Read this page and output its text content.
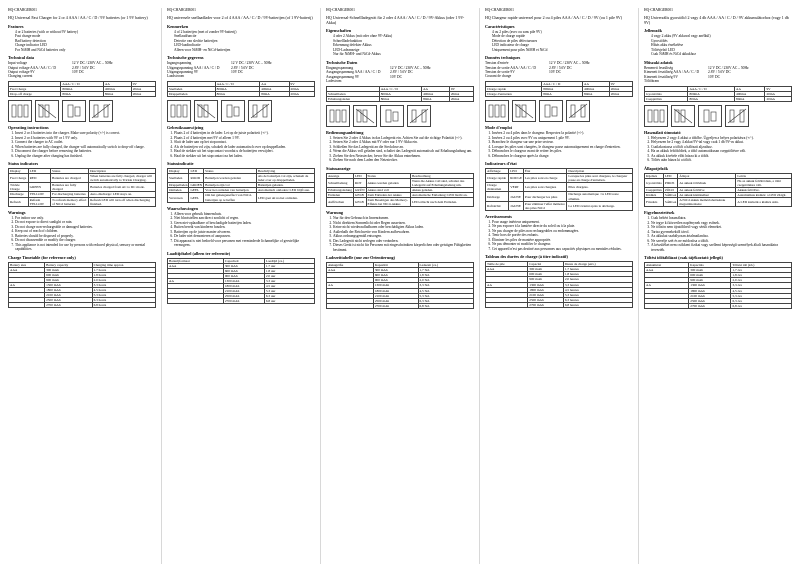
HQ-CHARGER001
HQ Universal Fast Charger for 2 or 4 AAA / AA / C / D / 9V batteries (or 1 9V battery)
Features
• 4 or 2 batteries (with or without 9V battery)
• Fast charge mode
• Bad battery detection
• Charge indicator LED
• For NiMH and NiCd batteries only
Technical data
Input voltage	12 V DC / 230V AC – 50Hz
Output voltage AAA / AA / C / D	2.8V / 5.6V DC
Output voltage 9V	10V DC
Charging current
	AAA / C / D	AA	9V
Fast Charge	800mA	400mA	20mA
Drop-off charge	80mA	80mA	20mA
Operating instructions
1. Insert 2 or 4 batteries into the charger. Make sure polarity (+/-) is correct.
2. Insert 2 or 4 batteries with 9V or 1 9V only.
3. Connect the charger to AC outlet.
4. When batteries are fully charged, the charger will automatically switch to drop-off charge.
5. Disconnect the charger before removing the batteries.
6. Unplug the charger after charging has finished.
Status indicators
Display	LED	Status	Description
Fast Charge	RED	Batteries are charged	When batteries are fully charged, charger will switch automatically to Trickle Charging.
Trickle Charge	GREEN	Batteries are fully charged	Batteries charged from AC to DC mode.
Discharge	YELLOW	For discharging batteries	Auto-discharge: LED stays on.
Refresh	Refresh YELLOW	To refresh memory effect of NiCd batteries	Refresh LED will turn off when discharging finished.
Warnings
1. For indoor use only.
2. Do not expose to direct sunlight or rain.
3. Do not charge non-rechargeable or damaged batteries.
4. Keep out of reach of children.
5. Batteries should be disposed of properly.
6. Do not disassemble or modify the charger.
7. This appliance is not intended for use by persons with reduced physical, sensory or mental capabilities.
Charge Timetable (for reference only)
Battery size	Battery capacity	Charging time approx.
AAA	300 mAh	1.7 hours
	600 mAh	1.8 hours
	900 mAh	2.0 hours
AA	1300 mAh	3.3 hours
	1800 mAh	4.5 hours
	2100 mAh	5.3 hours
	2500 mAh	6.3 hours
	2700 mAh	6.8 hours
HQ-CHARGER001
HQ universele snellaadlader voor 2 of 4 AAA / AA / C / D / 9V-batterijen (of 1 9V-batterij)
Kenmerken
• 4 of 2 batterijen (met of zonder 9V-batterij)
• Snellaadfunctie
• Detectie van slechte batterijen
• LED-laadindicatie
• Alleen voor NiMH- en NiCd-batterijen
Technische gegevens
Ingangsspanning	12 V DC / 230V AC – 50Hz
Uitgangsspanning AAA / AA / C / D	2.8V / 5.6V DC
Uitgangsspanning 9V	10V DC
Laadstroom
	AAA / C / D	AA	9V
Snelladen	800mA	400mA	20mA
Druppelladen	80mA	80mA	20mA
Gebruiksaanwijzing
1. Plaats 2 of 4 batterijen in de lader. Let op de juiste polariteit (+/-).
2. Plaats 2 of 4 batterijen met 9V of alleen 1 9V.
3. Sluit de lader aan op het stopcontact.
4. Als de batterijen vol zijn, schakelt de lader automatisch over op druppelladen.
5. Haal de stekker uit het stopcontact voordat u de batterijen verwijdert.
6. Haal de stekker uit het stopcontact na het laden.
Statusindicatie
Display	LED	Status	Beschrijving
Snelladen	ROOD	Batterijen worden geladen	Als de batterijen vol zijn, schakelt de lader over op druppelladen.
Druppelladen	GROEN	Batterijen zijn vol	Batterijen geladen.
Ontladen	GEEL	Voor het ontladen van batterijen	Automatisch ontladen: LED blijft aan.
Verversen	GEEL	Om het geheugeneffect van NiCd-batterijen op te heffen	LED gaat uit na het ontladen.
Waarschuwingen
1. Alleen voor gebruik binnenshuis.
2. Niet blootstellen aan direct zonlicht of regen.
3. Geen niet-oplaadbare of beschadigde batterijen laden.
4. Buiten bereik van kinderen houden.
5. Batterijen op de juiste manier afvoeren.
6. De lader niet demonteren of aanpassen.
7. Dit apparaat is niet bedoeld voor personen met verminderde lichamelijke of geestelijke vermogens.
Laadtijdtabel (alleen ter referentie)
Batterijformaat	Capaciteit	Laadtijd (ca.)
AAA	300 mAh	1.7 uur
	600 mAh	1.8 uur
	900 mAh	2.0 uur
AA	1300 mAh	3.3 uur
	1800 mAh	4.5 uur
	2100 mAh	5.3 uur
	2500 mAh	6.3 uur
	2700 mAh	6.8 uur
HQ-CHARGER001
HQ Universal-Schnellladegerät für 2 oder 4 AAA / AA / C / D / 9V-Akkus (oder 1 9V-Akku)
Eigenschaften
• 4 oder 2 Akkus (mit oder ohne 9V-Akku)
• Schnellladefunktion
• Erkennung defekter Akkus
• LED-Ladeanzeige
• Nur für NiMH- und NiCd-Akkus
Technische Daten
Eingangsspannung	12 V DC / 230V AC – 50Hz
Ausgangsspannung AAA / AA / C / D	2.8V / 5.6V DC
Ausgangsspannung 9V	10V DC
Ladestrom
	AAA / C / D	AA	9V
Schnellladen	800mA	400mA	20mA
Erhaltungsladen	80mA	80mA	20mA
Bedienungsanleitung
1. Setzen Sie 2 oder 4 Akkus in das Ladegerät ein. Achten Sie auf die richtige Polarität (+/-).
2. Setzen Sie 2 oder 4 Akkus mit 9V oder nur 1 9V-Akku ein.
3. Schließen Sie das Ladegerät an die Steckdose an.
4. Wenn die Akkus voll geladen sind, schaltet das Ladegerät automatisch auf Erhaltungsladung um.
5. Ziehen Sie den Netzstecker, bevor Sie die Akkus entnehmen.
6. Ziehen Sie nach dem Laden den Netzstecker.
Statusanzeige
Anzeige	LED	Status	Beschreibung
Schnellladung	ROT	Akkus werden geladen	Wenn die Akkus voll sind, schaltet das Ladegerät auf Erhaltungsladung um.
Erhaltungsladung	GRÜN	Akkus sind voll	Akkus geladen.
Entladen	GELB	Zum Entladen der Akkus	Automatische Entladung: LED bleibt an.
Auffrischen	GELB	Zum Beseitigen des Memory-Effekts bei NiCd-Akkus	LED erlischt nach dem Entladen.
Warnung
1. Nur für den Gebrauch in Innenräumen.
2. Nicht direktem Sonnenlicht oder Regen aussetzen.
3. Keine nicht wiederaufladbaren oder beschädigten Akkus laden.
4. Außerhalb der Reichweite von Kindern aufbewahren.
5. Akkus ordnungsgemäß entsorgen.
6. Das Ladegerät nicht zerlegen oder verändern.
7. Dieses Gerät ist nicht für Personen mit eingeschränkten körperlichen oder geistigen Fähigkeiten bestimmt.
Ladezeittabelle (nur zur Orientierung)
Akkugröße	Kapazität	Ladezeit (ca.)
AAA	300 mAh	1,7 Std.
	600 mAh	1,8 Std.
	900 mAh	2,0 Std.
AA	1300 mAh	3,3 Std.
	1800 mAh	4,5 Std.
	2100 mAh	5,3 Std.
	2500 mAh	6,3 Std.
	2700 mAh	6,8 Std.
HQ-CHARGER001
HQ Chargeur rapide universel pour 2 ou 4 piles AAA / AA / C / D / 9V (ou 1 pile 9V)
Caractéristiques
• 4 ou 2 piles (avec ou sans pile 9V)
• Mode de charge rapide
• Détection de piles défectueuses
• LED indicateur de charge
• Uniquement pour piles NiMH et NiCd
Données techniques
Tension d'entrée	12 V DC / 230V AC – 50Hz
Tension de sortie AAA / AA / C / D	2.8V / 5.6V DC
Tension de sortie 9V	10V DC
Courant de charge
	AAA / C / D	AA	9V
Charge rapide	800mA	400mA	20mA
Charge d'entretien	80mA	80mA	20mA
Mode d'emploi
1. Insérez 2 ou 4 piles dans le chargeur. Respectez la polarité (+/-).
2. Insérez 2 ou 4 piles avec 9V ou uniquement 1 pile 9V.
3. Branchez le chargeur sur une prise secteur.
4. Lorsque les piles sont chargées, le chargeur passe automatiquement en charge d'entretien.
5. Débranchez le chargeur avant de retirer les piles.
6. Débranchez le chargeur après la charge.
Indicateurs d'état
Affichage	LED	État	Description
Charge rapide	ROUGE	Les piles sont en charge	Lorsque les piles sont chargées, le chargeur passe en charge d'entretien.
Charge d'entretien	VERT	Les piles sont chargées	Piles chargées.
Décharge	JAUNE	Pour décharger les piles	Décharge automatique : la LED reste allumée.
Rafraîchir	JAUNE	Pour éliminer l'effet mémoire des piles NiCd	La LED s'éteint après la décharge.
Avertissements
1. Pour usage intérieur uniquement.
2. Ne pas exposer à la lumière directe du soleil ou à la pluie.
3. Ne pas charger de piles non rechargeables ou endommagées.
4. Tenir hors de portée des enfants.
5. Éliminer les piles de manière appropriée.
6. Ne pas démonter ni modifier le chargeur.
7. Cet appareil n'est pas destiné aux personnes aux capacités physiques ou mentales réduites.
Tableau des durées de charge (à titre indicatif)
Taille de pile	Capacité	Durée de charge (env.)
AAA	300 mAh	1,7 heures
	600 mAh	1,8 heures
	900 mAh	2,0 heures
AA	1300 mAh	3,3 heures
	1800 mAh	4,5 heures
	2100 mAh	5,3 heures
	2500 mAh	6,3 heures
	2700 mAh	6,8 heures
HQ-CHARGER001
HQ Univerzális gyorstöltő 2 vagy 4 db AAA / AA / C / D / 9V akkumulátorhoz (vagy 1 db 9V)
Jellemzők
• 4 vagy 2 akku (9V akkuval vagy anélkül)
• Gyorstöltés
• Hibás akku érzékelése
• Töltésjelző LED
• Csak NiMH és NiCd akkukhoz
Műszaki adatok
Bemeneti feszültség	12 V DC / 230V AC – 50Hz
Kimeneti feszültség AAA / AA / C / D	2.8V / 5.6V DC
Kimeneti feszültség 9V	10V DC
Töltőáram
	AAA / C / D	AA	9V
Gyorstöltés	800mA	400mA	20mA
Csepptöltés	80mA	80mA	20mA
Használati útmutató
1. Helyezzen 2 vagy 4 akkut a töltőbe. Ügyeljen a helyes polaritásra (+/-).
2. Helyezzen be 2 vagy 4 akkut 9V-tal vagy csak 1 db 9V-os akkut.
3. Csatlakoztassa a töltőt a hálózati aljzathoz.
4. Ha az akkuk feltöltődtek, a töltő automatikusan csepptöltésre vált.
5. Az akkuk kivétele előtt húzza ki a töltőt.
6. Töltés után húzza ki a töltőt.
Állapotjelzők
Kijelzés	LED	Állapot	Leírás
Gyorstöltés	PIROS	Az akkuk töltődnek	Ha az akkuk feltöltődtek, a töltő csepptöltésre vált.
Csepptöltés	ZÖLD	Az akkuk feltöltve	Akkuk feltöltve.
Kisütés	SÁRGA	Az akkuk kisütéséhez	Automatikus kisütés: a LED világít.
Frissítés	SÁRGA	A NiCd akkuk memóriahatásának megszüntetésére	A LED kialszik a kisütés után.
Figyelmeztetések
1. Csak beltéri használatra.
2. Ne tegye ki közvetlen napfénynek vagy esőnek.
3. Ne töltsön nem újratölthető vagy sérült elemeket.
4. Tartsa gyermekektől távol.
5. Az akkukat szabályosan ártalmatlanítsa.
6. Ne szerelje szét és ne módosítsa a töltőt.
7. A készüléket nem csökkent fizikai vagy szellemi képességű személyek általi használatra tervezték.
Töltési időtáblázat (csak tájékoztató jellegű)
Akkuméret	Kapacitás	Töltési idő (kb.)
AAA	300 mAh	1,7 óra
	600 mAh	1,8 óra
	900 mAh	2,0 óra
AA	1300 mAh	3,3 óra
	1800 mAh	4,5 óra
	2100 mAh	5,3 óra
	2500 mAh	6,3 óra
	2700 mAh	6,8 óra
